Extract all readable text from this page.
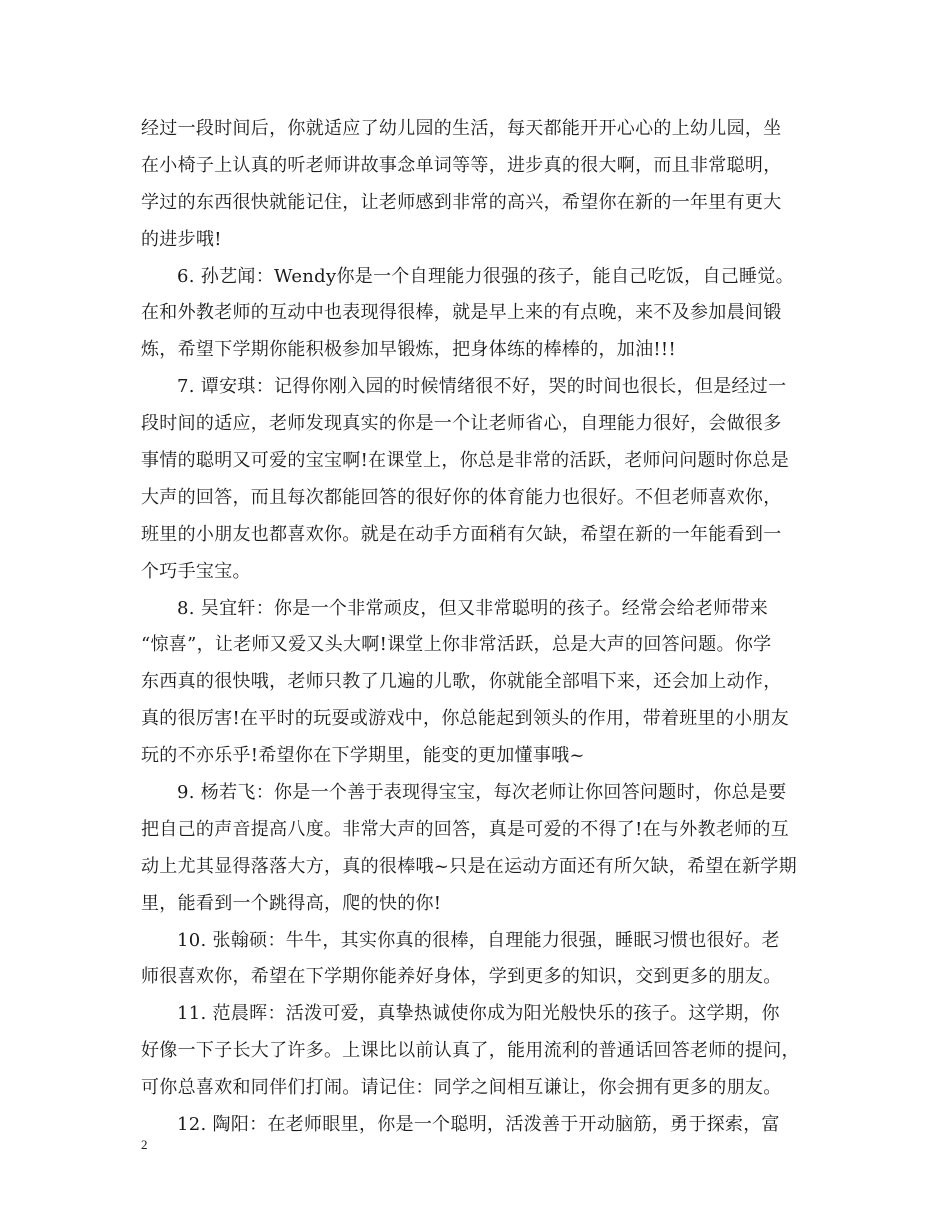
经过一段时间后，你就适应了幼儿园的生活，每天都能开开心心的上幼儿园，坐
在小椅子上认真的听老师讲故事念单词等等，进步真的很大啊，而且非常聪明，
学过的东西很快就能记住，让老师感到非常的高兴，希望你在新的一年里有更大
的进步哦!
6. 孙艺闻：Wendy你是一个自理能力很强的孩子，能自己吃饭，自己睡觉。
在和外教老师的互动中也表现得很棒，就是早上来的有点晚，来不及参加晨间锻
炼，希望下学期你能积极参加早锻炼，把身体练的棒棒的，加油!!!
7. 谭安琪：记得你刚入园的时候情绪很不好，哭的时间也很长，但是经过一
段时间的适应，老师发现真实的你是一个让老师省心，自理能力很好，会做很多
事情的聪明又可爱的宝宝啊!在课堂上，你总是非常的活跃，老师问问题时你总是
大声的回答，而且每次都能回答的很好你的体育能力也很好。不但老师喜欢你，
班里的小朋友也都喜欢你。就是在动手方面稍有欠缺，希望在新的一年能看到一
个巧手宝宝。
8. 吴宜轩：你是一个非常顽皮，但又非常聪明的孩子。经常会给老师带来
“惊喜”，让老师又爱又头大啊!课堂上你非常活跃，总是大声的回答问题。你学
东西真的很快哦，老师只教了几遍的儿歌，你就能全部唱下来，还会加上动作，
真的很厉害!在平时的玩耍或游戏中，你总能起到领头的作用，带着班里的小朋友
玩的不亦乐乎!希望你在下学期里，能变的更加懂事哦~
9. 杨若飞：你是一个善于表现得宝宝，每次老师让你回答问题时，你总是要
把自己的声音提高八度。非常大声的回答，真是可爱的不得了!在与外教老师的互
动上尤其显得落落大方，真的很棒哦~只是在运动方面还有所欠缺，希望在新学期
里，能看到一个跳得高，爬的快的你!
10. 张翰硕：牛牛，其实你真的很棒，自理能力很强，睡眠习惯也很好。老
师很喜欢你，希望在下学期你能养好身体，学到更多的知识，交到更多的朋友。
11. 范晨晖：活泼可爱，真挚热诚使你成为阳光般快乐的孩子。这学期，你
好像一下子长大了许多。上课比以前认真了，能用流利的普通话回答老师的提问，
可你总喜欢和同伴们打闹。请记住：同学之间相互谦让，你会拥有更多的朋友。
12. 陶阳：在老师眼里，你是一个聪明，活泼善于开动脑筋，勇于探索，富
2
